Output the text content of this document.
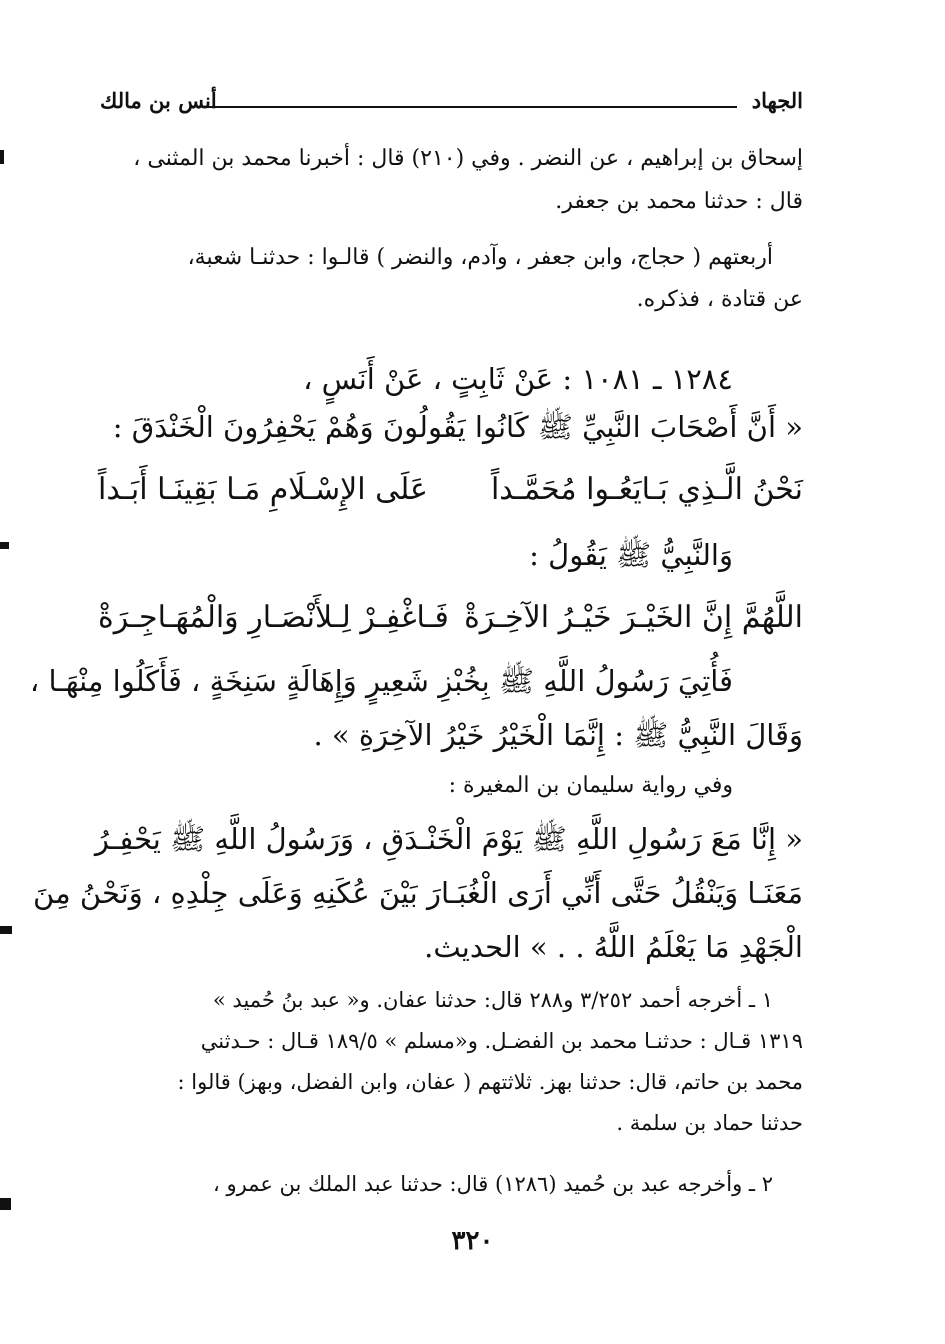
الجهاد
أنس بن مالك
إسحاق بن إبراهيم ، عن النضر . وفي (٢١٠) قال : أخبرنا محمد بن المثنى ،
قال : حدثنا محمد بن جعفر.
أربعتهم ( حجاج، وابن جعفر ، وآدم، والنضر ) قالـوا : حدثنـا شعبة،
عن قتادة ، فذكره.
١٢٨٤ ـ ١٠٨١ : عَنْ ثَابِتٍ ، عَنْ أَنَسٍ ،
« أَنَّ أَصْحَابَ النَّبِيِّ ﷺ كَانُوا يَقُولُونَ وَهُمْ يَحْفِرُونَ الْخَنْدَقَ :
نَحْنُ الَّـذِي بَـايَعُـوا مُحَمَّـداً
عَلَى الإِسْـلَامِ مَـا بَقِينَـا أَبَـداً
وَالنَّبِيُّ ﷺ يَقُولُ :
اللَّهُمَّ إِنَّ الخَيْـرَ خَيْـرُ الآخِـرَةْ
فَـاغْفِـرْ لِـلأَنْصَـارِ وَالْمُهَـاجِـرَةْ
فَأُتِيَ رَسُولُ اللَّهِ ﷺ بِخُبْزِ شَعِيرٍ وَإِهَالَةٍ سَنِخَةٍ ، فَأَكَلُوا مِنْهَـا ،
وَقَالَ النَّبِيُّ ﷺ : إِنَّمَا الْخَيْرُ خَيْرُ الآخِرَةِ » .
وفي رواية سليمان بن المغيرة :
« إِنَّا مَعَ رَسُولِ اللَّهِ ﷺ يَوْمَ الْخَنْـدَقِ ، وَرَسُولُ اللَّهِ ﷺ يَحْفِـرُ
مَعَنَـا وَيَنْقُلُ حَتَّى أَنِّي أَرَى الْغُبَـارَ بَيْنَ عُكَنِهِ وَعَلَى جِلْدِهِ ، وَنَحْنُ مِنَ
الْجَهْدِ مَا يَعْلَمُ اللَّهُ . . » الحديث.
١ ـ أخرجه أحمد ٣/٢٥٢ و٢٨٨ قال: حدثنا عفان. و« عبد بنُ حُميد »
١٣١٩ قـال : حدثنـا محمد بن الفضـل. و«مسلم » ١٨٩/٥ قـال : حـدثني
محمد بن حاتم، قال: حدثنا بهز. ثلاثتهم ( عفان، وابن الفضل، وبهز) قالوا :
حدثنا حماد بن سلمة .
٢ ـ وأخرجه عبد بن حُميد (١٢٨٦) قال: حدثنا عبد الملك بن عمرو ،
٣٢٠
